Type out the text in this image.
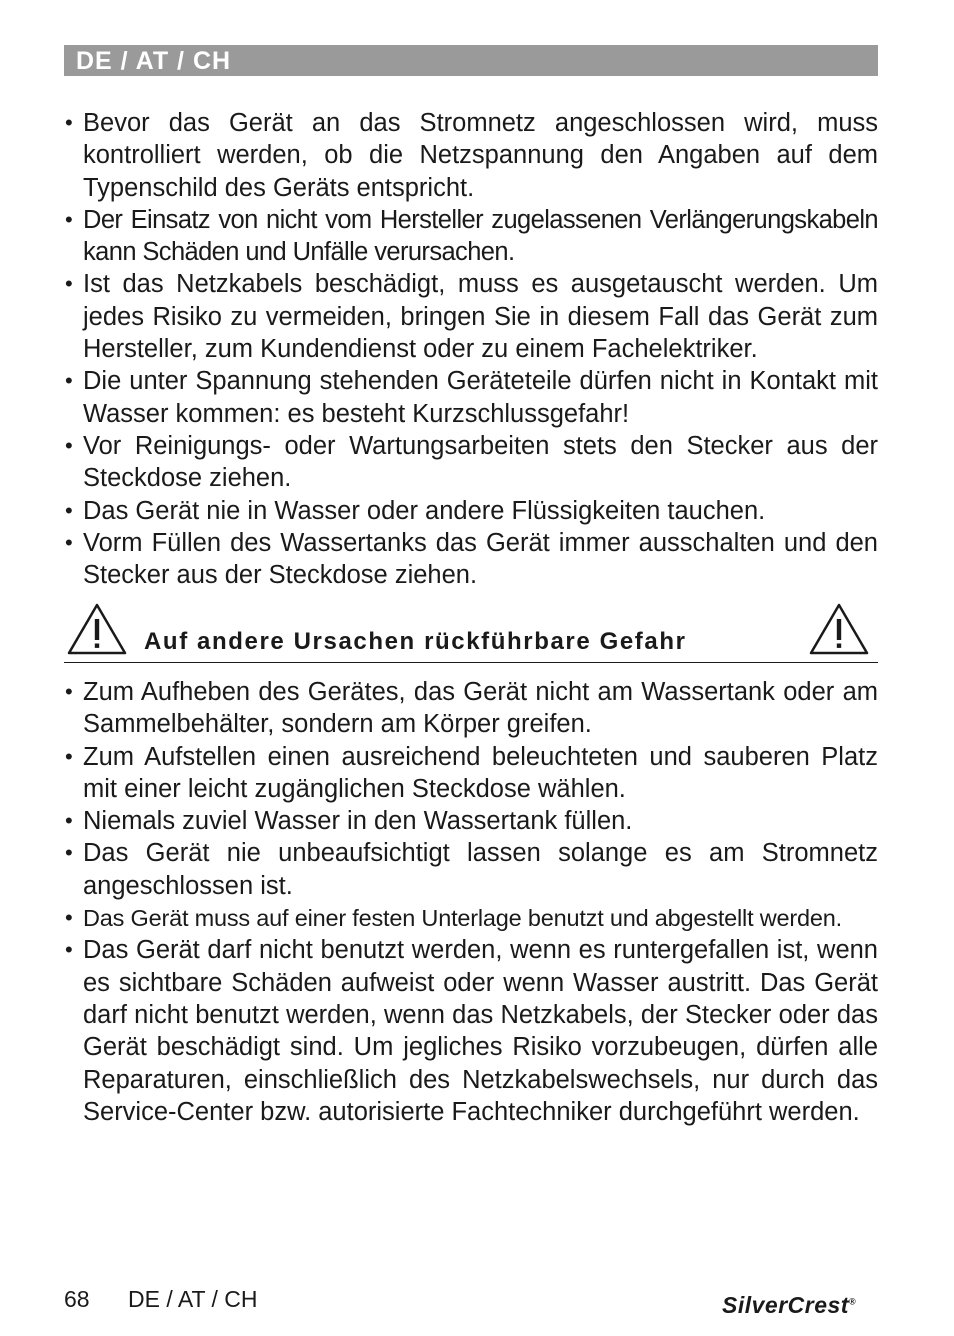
DE / AT / CH
• Bevor das Gerät an das Stromnetz angeschlossen wird, muss kontrolliert werden, ob die Netzspannung den Angaben auf dem Typenschild des Geräts entspricht.
• Der Einsatz von nicht vom Hersteller zugelassenen Verlängerungskabeln kann Schäden und Unfälle verursachen.
• Ist das Netzkabels beschädigt, muss es ausgetauscht werden. Um jedes Risiko zu vermeiden, bringen Sie in diesem Fall das Gerät zum Hersteller, zum Kundendienst oder zu einem Fachelektriker.
• Die unter Spannung stehenden Geräteteile dürfen nicht in Kontakt mit Wasser kommen: es besteht Kurzschlussgefahr!
• Vor Reinigungs- oder Wartungsarbeiten stets den Stecker aus der Steckdose ziehen.
• Das Gerät nie in Wasser oder andere Flüssigkeiten tauchen.
• Vorm Füllen des Wassertanks das Gerät immer ausschalten und den Stecker aus der Steckdose ziehen.
Auf andere Ursachen rückführbare Gefahr
• Zum Aufheben des Gerätes, das Gerät nicht am Wassertank oder am Sammelbehälter, sondern am Körper greifen.
• Zum Aufstellen einen ausreichend beleuchteten und sauberen Platz mit einer leicht zugänglichen Steckdose wählen.
• Niemals zuviel Wasser in den Wassertank füllen.
• Das Gerät nie unbeaufsichtigt lassen solange es am Stromnetz angeschlossen ist.
• Das Gerät muss auf einer festen Unterlage benutzt und abgestellt werden.
• Das Gerät darf nicht benutzt werden, wenn es runtergefallen ist, wenn es sichtbare Schäden aufweist oder wenn Wasser austritt. Das Gerät darf nicht benutzt werden, wenn das Netzkabels, der Stecker oder das Gerät beschädigt sind. Um jegliches Risiko vorzubeugen, dürfen alle Reparaturen, einschließlich des Netzkabelswechsels, nur durch das Service-Center bzw. autorisierte Fachtechniker durchgeführt werden.
68 DE / AT / CH	SilverCrest®
